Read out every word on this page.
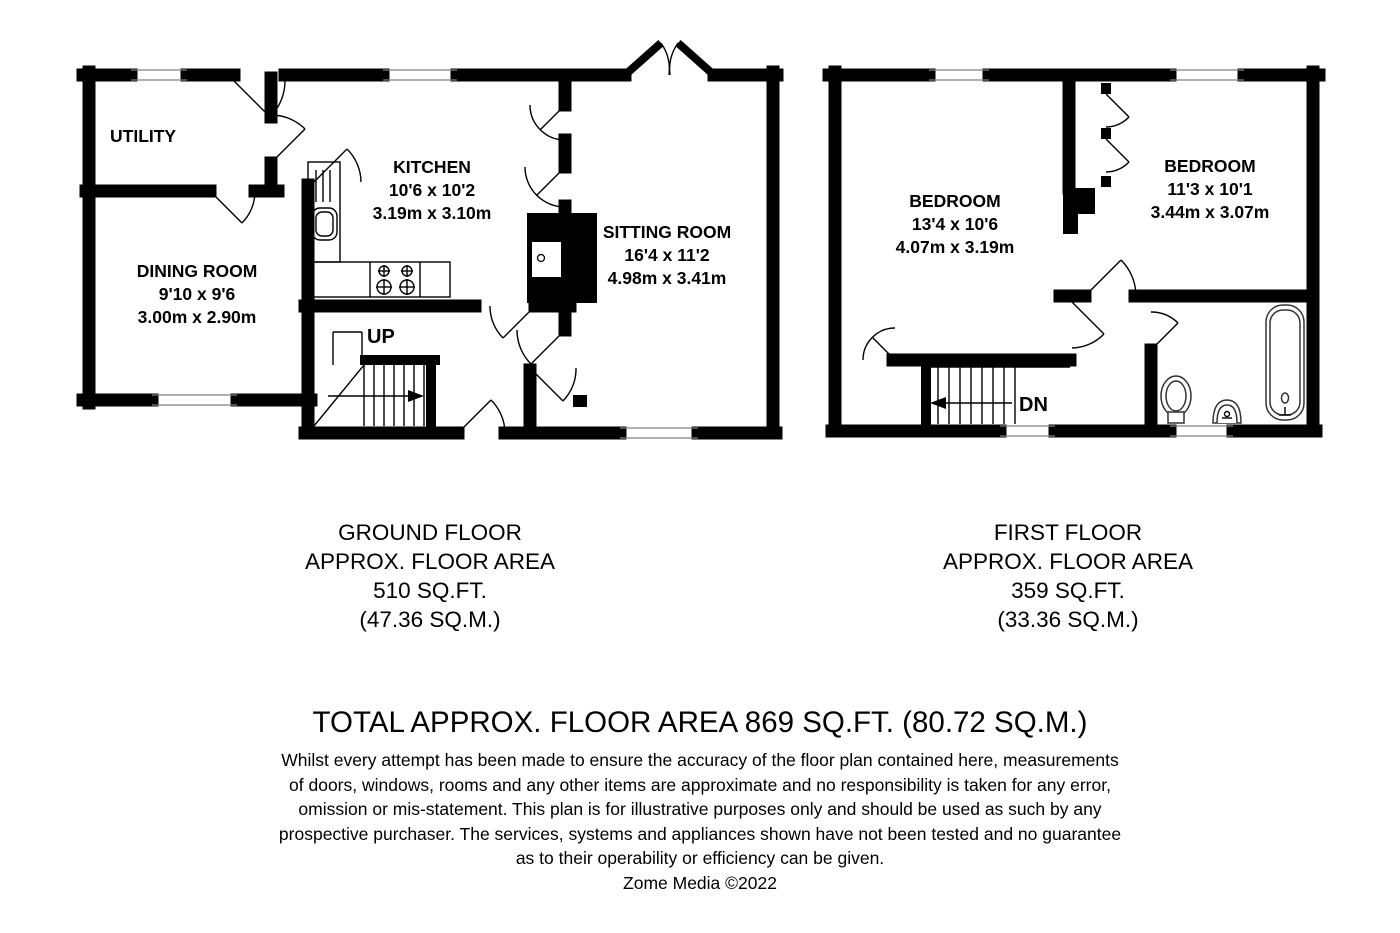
UP
UTILITY
KITCHEN
10'6 x 10'2
3.19m x 3.10m
DINING ROOM
9'10 x 9'6
3.00m x 2.90m
SITTING ROOM
16'4 x 11'2
4.98m x 3.41m
DN
BEDROOM
13'4 x 10'6
4.07m x 3.19m
BEDROOM
11'3 x 10'1
3.44m x 3.07m
GROUND FLOOR
APPROX. FLOOR AREA
510 SQ.FT.
(47.36 SQ.M.)
FIRST FLOOR
APPROX. FLOOR AREA
359 SQ.FT.
(33.36 SQ.M.)
TOTAL APPROX. FLOOR AREA 869 SQ.FT. (80.72 SQ.M.)
Whilst every attempt has been made to ensure the accuracy of the floor plan contained here, measurements
of doors, windows, rooms and any other items are approximate and no responsibility is taken for any error,
omission or mis-statement. This plan is for illustrative purposes only and should be used as such by any
prospective purchaser. The services, systems and appliances shown have not been tested and no guarantee
as to their operability or efficiency can be given.
Zome Media ©2022
